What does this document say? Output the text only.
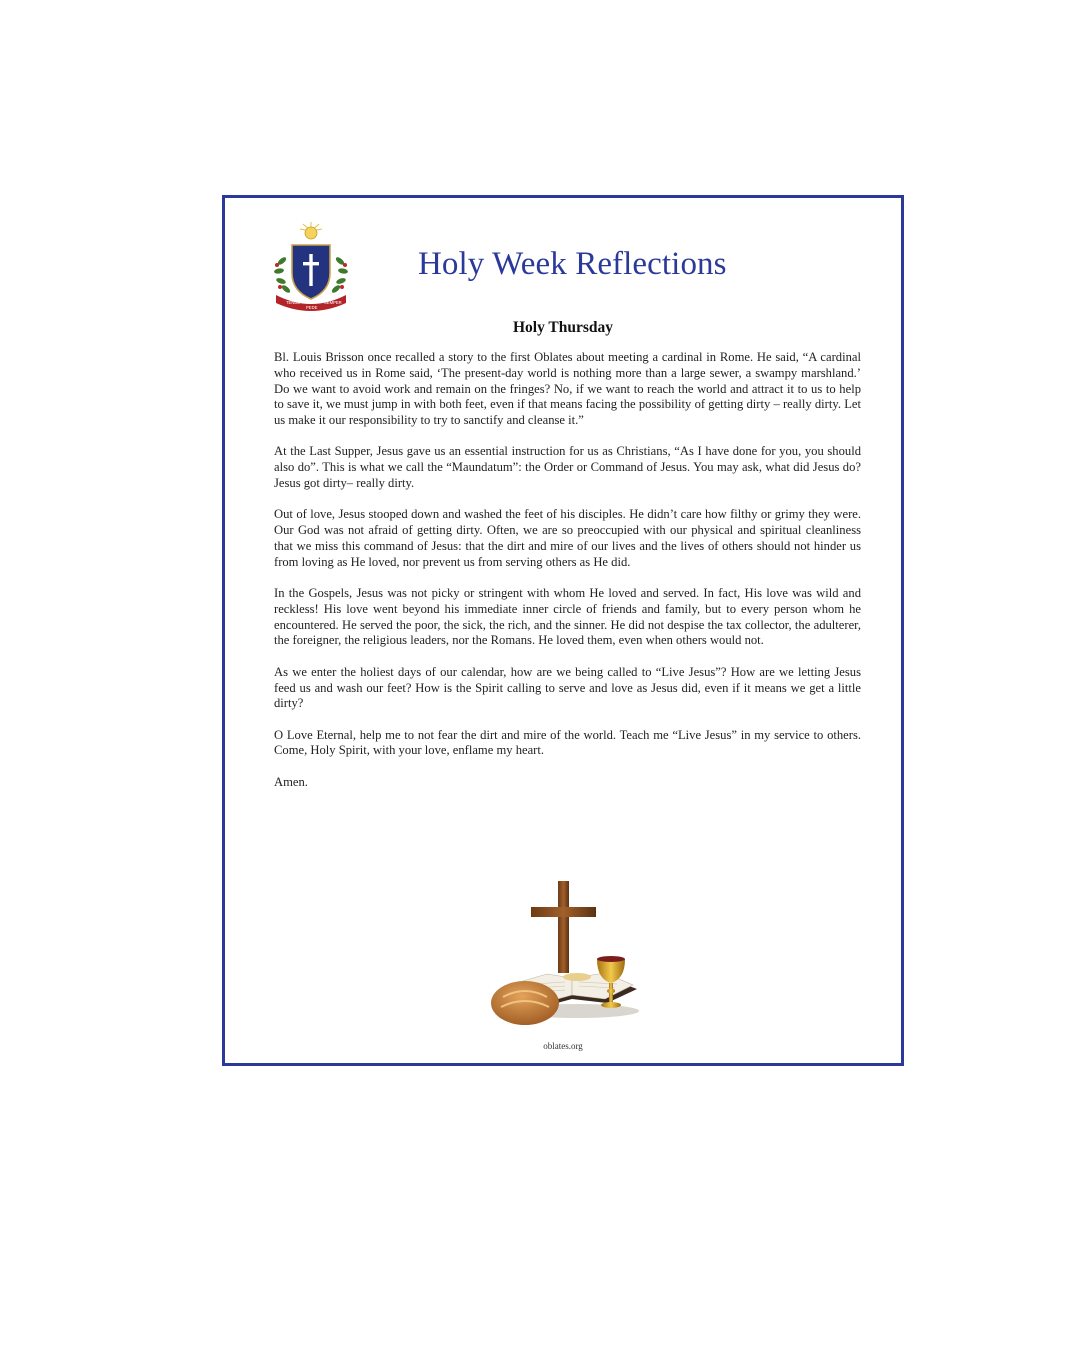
TENDE
PEDE
SEMPER
Holy Week Reflections
Holy Thursday

Bl. Louis Brisson once recalled a story to the first Oblates about meeting a cardinal in Rome. He said, “A cardinal who received us in Rome said, ‘The present-day world is nothing more than a large sewer, a swampy marshland.’ Do we want to avoid work and remain on the fringes? No, if we want to reach the world and attract it to us to help to save it, we must jump in with both feet, even if that means facing the possibility of getting dirty – really dirty. Let us make it our responsibility to try to sanctify and cleanse it.”

At the Last Supper, Jesus gave us an essential instruction for us as Christians, “As I have done for you, you should also do”. This is what we call the “Maundatum”: the Order or Command of Jesus. You may ask, what did Jesus do? Jesus got dirty– really dirty.

Out of love, Jesus stooped down and washed the feet of his disciples. He didn’t care how filthy or grimy they were. Our God was not afraid of getting dirty. Often, we are so preoccupied with our physical and spiritual cleanliness that we miss this command of Jesus: that the dirt and mire of our lives and the lives of others should not hinder us from loving as He loved, nor prevent us from serving others as He did.

In the Gospels, Jesus was not picky or stringent with whom He loved and served. In fact, His love was wild and reckless! His love went beyond his immediate inner circle of friends and family, but to every person whom he encountered. He served the poor, the sick, the rich, and the sinner. He did not despise the tax collector, the adulterer, the foreigner, the religious leaders, nor the Romans. He loved them, even when others would not.

As we enter the holiest days of our calendar, how are we being called to “Live Jesus”? How are we letting Jesus feed us and wash our feet? How is the Spirit calling to serve and love as Jesus did, even if it means we get a little dirty?

O Love Eternal, help me to not fear the dirt and mire of the world. Teach me “Live Jesus” in my service to others. Come, Holy Spirit, with your love, enflame my heart.

Amen.

oblates.org
